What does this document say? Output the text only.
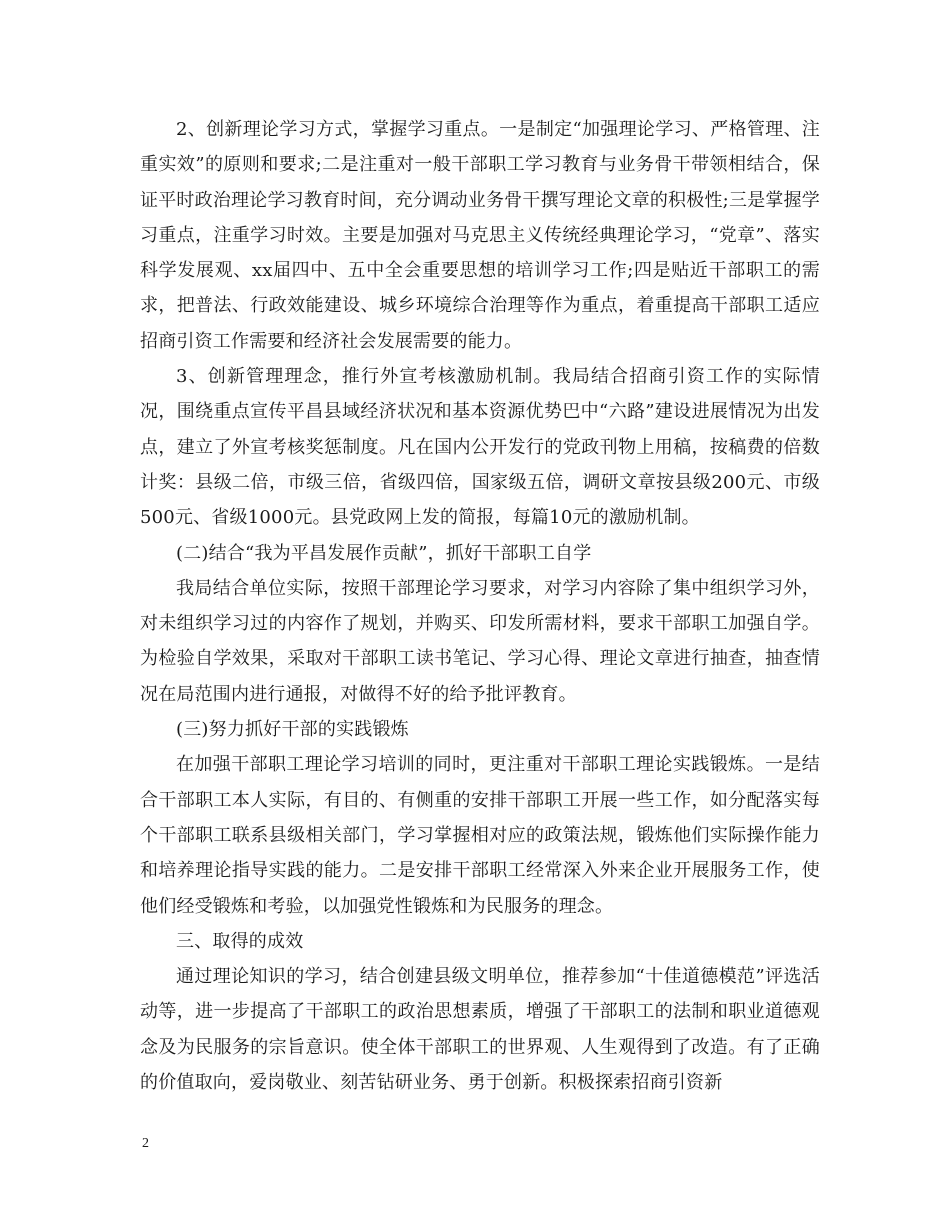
2、创新理论学习方式，掌握学习重点。一是制定“加强理论学习、严格管理、注重实效”的原则和要求;二是注重对一般干部职工学习教育与业务骨干带领相结合，保证平时政治理论学习教育时间，充分调动业务骨干撰写理论文章的积极性;三是掌握学习重点，注重学习时效。主要是加强对马克思主义传统经典理论学习，“党章”、落实科学发展观、xx届四中、五中全会重要思想的培训学习工作;四是贴近干部职工的需求，把普法、行政效能建设、城乡环境综合治理等作为重点，着重提高干部职工适应招商引资工作需要和经济社会发展需要的能力。

3、创新管理理念，推行外宣考核激励机制。我局结合招商引资工作的实际情况，围绕重点宣传平昌县域经济状况和基本资源优势巴中“六路”建设进展情况为出发点，建立了外宣考核奖惩制度。凡在国内公开发行的党政刊物上用稿，按稿费的倍数计奖：县级二倍，市级三倍，省级四倍，国家级五倍，调研文章按县级200元、市级500元、省级1000元。县党政网上发的简报，每篇10元的激励机制。

(二)结合“我为平昌发展作贡献”，抓好干部职工自学

我局结合单位实际，按照干部理论学习要求，对学习内容除了集中组织学习外，对未组织学习过的内容作了规划，并购买、印发所需材料，要求干部职工加强自学。为检验自学效果，采取对干部职工读书笔记、学习心得、理论文章进行抽查，抽查情况在局范围内进行通报，对做得不好的给予批评教育。

(三)努力抓好干部的实践锻炼

在加强干部职工理论学习培训的同时，更注重对干部职工理论实践锻炼。一是结合干部职工本人实际，有目的、有侧重的安排干部职工开展一些工作，如分配落实每个干部职工联系县级相关部门，学习掌握相对应的政策法规，锻炼他们实际操作能力和培养理论指导实践的能力。二是安排干部职工经常深入外来企业开展服务工作，使他们经受锻炼和考验，以加强党性锻炼和为民服务的理念。

三、取得的成效

通过理论知识的学习，结合创建县级文明单位，推荐参加“十佳道德模范”评选活动等，进一步提高了干部职工的政治思想素质，增强了干部职工的法制和职业道德观念及为民服务的宗旨意识。使全体干部职工的世界观、人生观得到了改造。有了正确的价值取向，爱岗敬业、刻苦钻研业务、勇于创新。积极探索招商引资新

2
